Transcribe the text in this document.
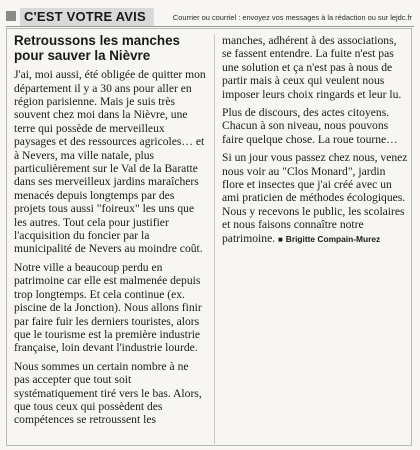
C'EST VOTRE AVIS	Courrier ou courriel : envoyez vos messages à la rédaction ou sur lejdc.fr
Retroussons les manches pour sauver la Nièvre

J'ai, moi aussi, été obligée de quitter mon département il y a 30 ans pour aller en région parisienne. Mais je suis très souvent chez moi dans la Nièvre, une terre qui possède de merveilleux paysages et des ressources agricoles… et à Nevers, ma ville natale, plus particulièrement sur le Val de la Baratte dans ses merveilleux jardins maraîchers menacés depuis longtemps par des projets tous aussi "foireux" les uns que les autres. Tout cela pour justifier l'acquisition du foncier par la municipalité de Nevers au moindre coût.

Notre ville a beaucoup perdu en patrimoine car elle est malmenée depuis trop longtemps. Et cela continue (ex. piscine de la Jonction). Nous allons finir par faire fuir les derniers touristes, alors que le tourisme est la première industrie française, loin devant l'industrie lourde.

Nous sommes un certain nombre à ne pas accepter que tout soit systématiquement tiré vers le bas. Alors, que tous ceux qui possèdent des compétences se retroussent les

manches, adhérent à des associations, se fassent entendre. La fuite n'est pas une solution et ça n'est pas à nous de partir mais à ceux qui veulent nous imposer leurs choix ringards et leur lu.

Plus de discours, des actes citoyens. Chacun à son niveau, nous pouvons faire quelque chose. La roue tourne…

Si un jour vous passez chez nous, venez nous voir au "Clos Monard", jardin flore et insectes que j'ai créé avec un ami praticien de méthodes écologiques. Nous y recevons le public, les scolaires et nous faisons connaître notre patrimoine. ■ Brigitte Compain-Murez
